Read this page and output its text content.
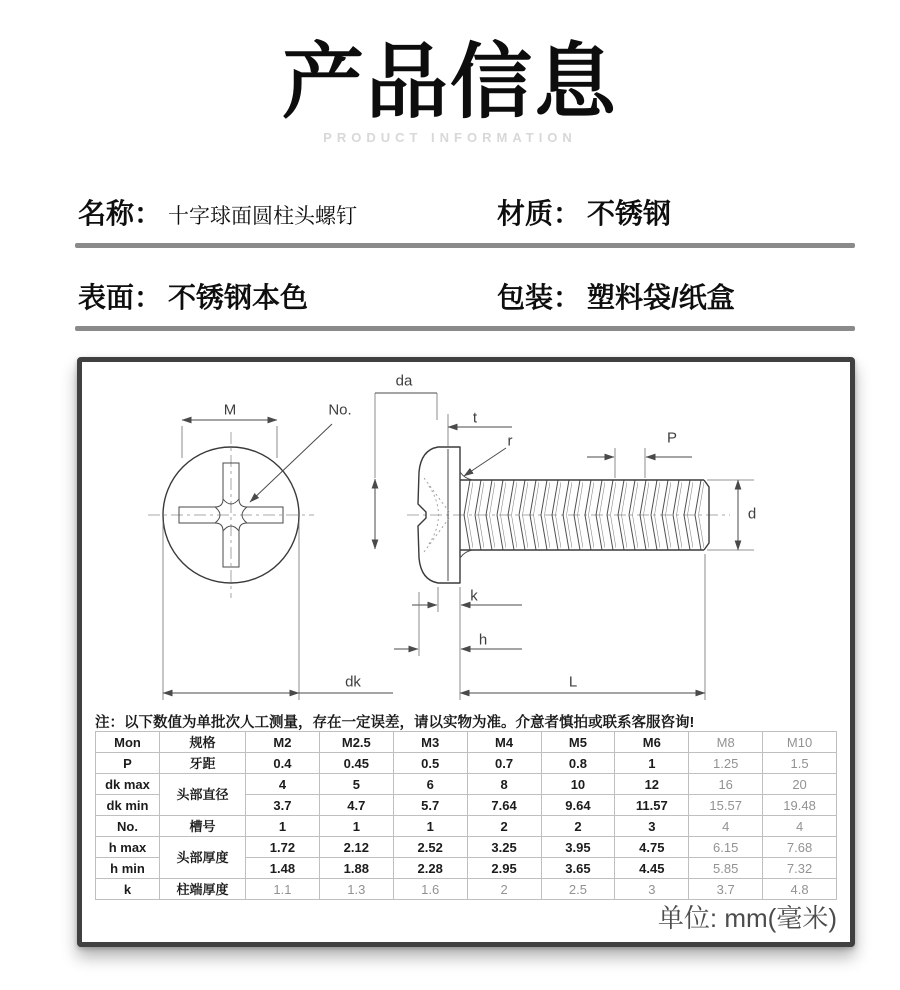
产品信息
PRODUCT INFORMATION
名称： 十字球面圆柱头螺钉	材质： 不锈钢
表面： 不锈钢本色	包装： 塑料袋/纸盒
M	No.
da
t
r	P
d
k
h
dk	L
注：以下数值为单批次人工测量，存在一定误差，请以实物为准。介意者慎拍或联系客服咨询!
Mon	规格	M2	M2.5	M3	M4	M5	M6	M8	M10
P	牙距	0.4	0.45	0.5	0.7	0.8	1	1.25	1.5
dk max	头部直径	4	5	6	8	10	12	16	20
dk min		3.7	4.7	5.7	7.64	9.64	11.57	15.57	19.48
No.	槽号	1	1	1	2	2	3	4	4
h max	头部厚度	1.72	2.12	2.52	3.25	3.95	4.75	6.15	7.68
h min		1.48	1.88	2.28	2.95	3.65	4.45	5.85	7.32
k	柱端厚度	1.1	1.3	1.6	2	2.5	3	3.7	4.8
单位: mm(毫米)
